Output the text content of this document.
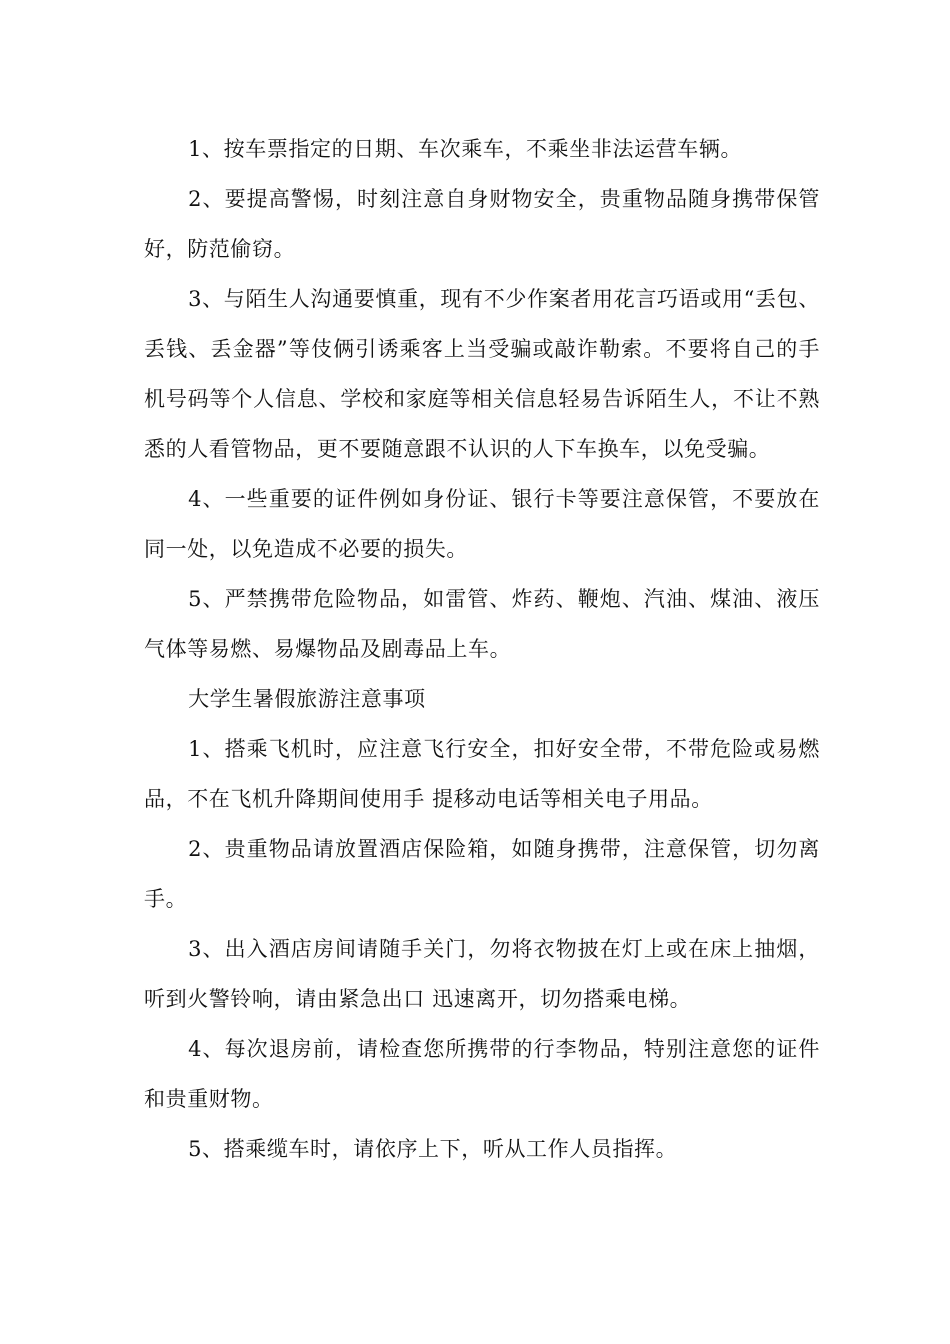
1、按车票指定的日期、车次乘车，不乘坐非法运营车辆。

2、要提高警惕，时刻注意自身财物安全，贵重物品随身携带保管好，防范偷窃。

3、与陌生人沟通要慎重，现有不少作案者用花言巧语或用“丢包、丢钱、丢金器”等伎俩引诱乘客上当受骗或敲诈勒索。不要将自己的手机号码等个人信息、学校和家庭等相关信息轻易告诉陌生人，不让不熟悉的人看管物品，更不要随意跟不认识的人下车换车，以免受骗。

4、一些重要的证件例如身份证、银行卡等要注意保管，不要放在同一处，以免造成不必要的损失。

5、严禁携带危险物品，如雷管、炸药、鞭炮、汽油、煤油、液压气体等易燃、易爆物品及剧毒品上车。

大学生暑假旅游注意事项

1、搭乘飞机时，应注意飞行安全，扣好安全带，不带危险或易燃品，不在飞机升降期间使用手 提移动电话等相关电子用品。

2、贵重物品请放置酒店保险箱，如随身携带，注意保管，切勿离手。

3、出入酒店房间请随手关门，勿将衣物披在灯上或在床上抽烟，听到火警铃响，请由紧急出口 迅速离开，切勿搭乘电梯。

4、每次退房前，请检查您所携带的行李物品，特别注意您的证件和贵重财物。

5、搭乘缆车时，请依序上下，听从工作人员指挥。
